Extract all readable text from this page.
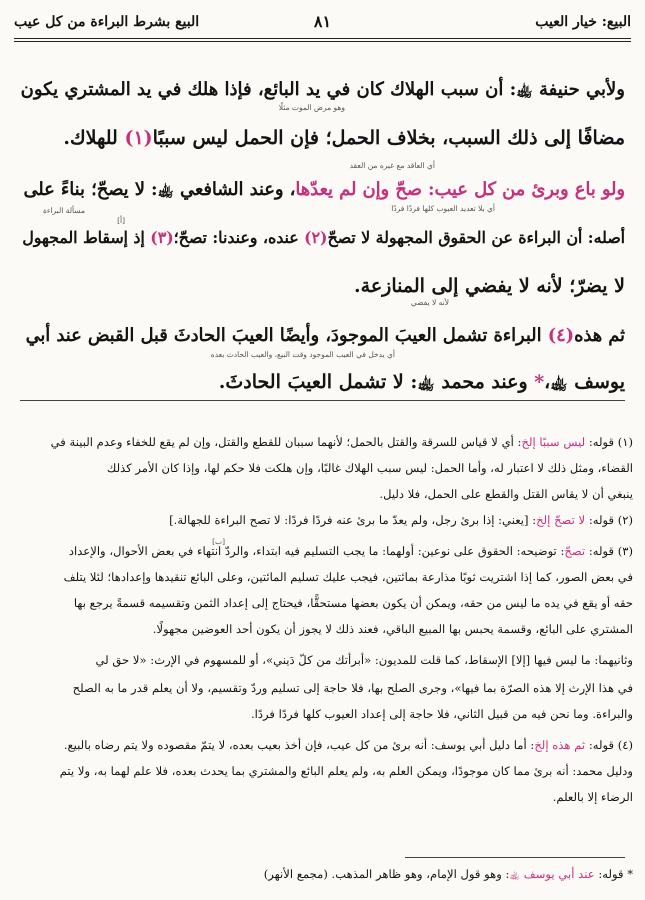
البيع: خيار العيب
٨١
البيع بشرط البراءة من كل عيب
ولأبي حنيفة ﵀: أن سبب الهلاك كان في يد البائع، فإذا هلك في يد المشتري يكون
مضافًا إلى ذلك السبب، بخلاف الحمل؛ فإن الحمل ليس سببًا(١) للهلاك.
ولو باع وبرئ من كل عيب: صحّ وإن لم يعدّها، وعند الشافعي ﵀: لا يصحّ؛ بناءً على
أصله: أن البراءة عن الحقوق المجهولة لا تصحّ(٢) عنده، وعندنا: تصحّ؛(٣) إذ إسقاط المجهول
لا يضرّ؛ لأنه لا يفضي إلى المنازعة.
ثم هذه(٤) البراءة تشمل العيبَ الموجودَ، وأيضًا العيبَ الحادثَ قبل القبض عند أبي
يوسف ﵀،* وعند محمد ﵀: لا تشمل العيبَ الحادثَ.
وهو مرض الموت مثلًا
أي العاقد مع غيره من العقد
أي بلا تعديد العيوب كلها فردًا فردًا
مسألة البراءة
لأنه لا يفضي
أي يدخل في العيب الموجود وقت البيع، والعيب الحادث بعده
[أ]
[ب]
(١) قوله: ليس سببًا إلخ: أي لا قياس للسرقة والقتل بالحمل؛ لأنهما سببان للقطع والقتل، وإن لم يقع للخفاء وعدم البينة في
القضاء، ومثل ذلك لا اعتبار له، وأما الحمل: ليس سبب الهلاك غالبًا، وإن هلكت فلا حكم لها، وإذا كان الأمر كذلك
ينبغي أن لا يقاس القتل والقطع على الحمل، فلا دليل.
(٢) قوله: لا تصحّ إلخ: [يعني: إذا برئ رجل، ولم يعدّ ما برئ عنه فردًا فردًا: لا تصح البراءة للجهالة.]
(٣) قوله: تصحّ: توضيحه: الحقوق على نوعين: أولهما: ما يجب التسليم فيه ابتداء، والردّ انتهاء في بعض الأحوال، والإعداد
في بعض الصور، كما إذا اشتريت ثوبًا مذارعة بمائتين، فيجب عليك تسليم المائتين، وعلى البائع تنقيدها وإعدادها؛ لئلا يتلف
حقه أو يقع في يده ما ليس من حقه، ويمكن أن يكون بعضها مستحقًّا، فيحتاج إلى إعداد الثمن وتقسيمه قسمةً يرجع بها
المشتري على البائع، وقسمة يحبس بها المبيع الباقي، فعند ذلك لا يجوز أن يكون أحد العوضين مجهولًا.
وثانيهما: ما ليس فيها [إلا] الإسقاط، كما قلت للمديون: «أبرأتك من كلّ دَيني»، أو للمسهوم في الإرث: «لا حق لي
في هذا الإرث إلا هذه الصرّة بما فيها»، وجرى الصلح بها، فلا حاجة إلى تسليم وردّ وتقسيم، ولا أن يعلم قدر ما به الصلح
والبراءة. وما نحن فيه من قبيل الثاني، فلا حاجة إلى إعداد العيوب كلها فردًا فردًا.
(٤) قوله: ثم هذه إلخ: أما دليل أبي يوسف: أنه برئ من كل عيب، فإن أخذ بعيب بعده، لا يتمّ مقصوده ولا يتم رضاه بالبيع.
ودليل محمد: أنه برئ مما كان موجودًا، ويمكن العلم به، ولم يعلم البائع والمشتري بما يحدث بعده، فلا علم لهما به، ولا يتم
الرضاء إلا بالعلم.
* قوله: عند أبي يوسف ﵀: وهو قول الإمام، وهو ظاهر المذهب. (مجمع الأنهر)
